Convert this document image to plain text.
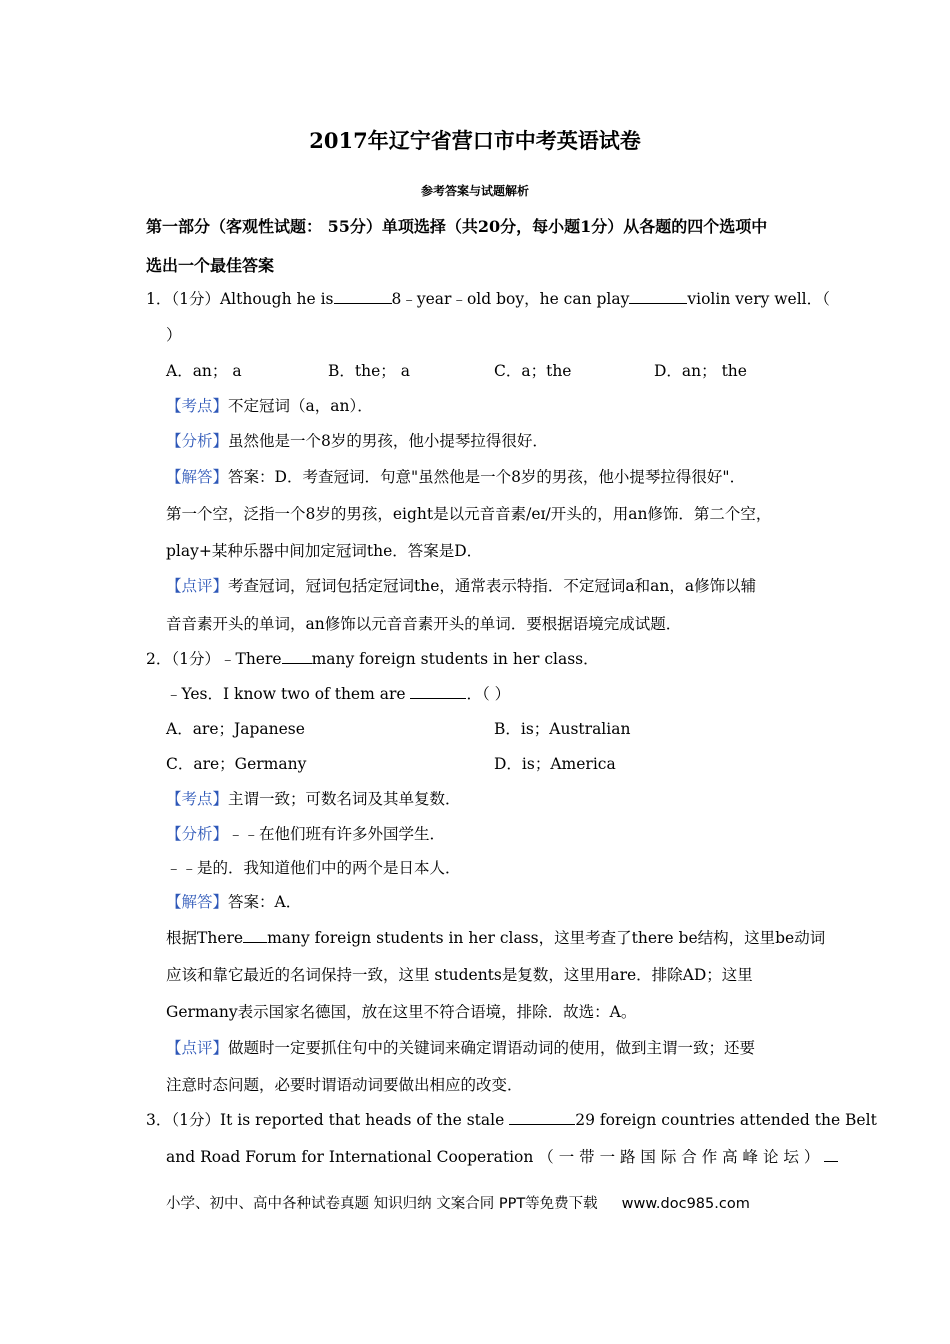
2017年辽宁省营口市中考英语试卷
参考答案与试题解析
第一部分（客观性试题： 55分）单项选择（共20分，每小题1分）从各题的四个选项中
选出一个最佳答案
1．（1分）Although he is	8﹣year﹣old boy，he can play	violin very well．（
）
A．an； a	B．the； a	C．a；the	D．an； the
【考点】不定冠词（a，an）．
【分析】虽然他是一个8岁的男孩，他小提琴拉得很好．
【解答】答案：D．考查冠词．句意"虽然他是一个8岁的男孩，他小提琴拉得很好"．
第一个空，泛指一个8岁的男孩，eight是以元音音素/eɪ/开头的，用an修饰．第二个空，
play+某种乐器中间加定冠词the．答案是D．
【点评】考查冠词，冠词包括定冠词the，通常表示特指．不定冠词a和an，a修饰以辅
音音素开头的单词，an修饰以元音音素开头的单词．要根据语境完成试题．
2．（1分）﹣There many foreign students in her class．
﹣Yes．I know two of them are	．（ ）
A．are；Japanese	B．is；Australian
C．are；Germany	D．is；America
【考点】主谓一致；可数名词及其单复数．
【分析】﹣﹣在他们班有许多外国学生．
﹣﹣是的．我知道他们中的两个是日本人．
【解答】答案：A．
根据There many foreign students in her class，这里考查了there be结构，这里be动词
应该和靠它最近的名词保持一致，这里 students是复数，这里用are．排除AD；这里
Germany表示国家名德国，放在这里不符合语境，排除．故选：A。
【点评】做题时一定要抓住句中的关键词来确定谓语动词的使用，做到主谓一致；还要
注意时态问题，必要时谓语动词要做出相应的改变．
3．（1分）It is reported that heads of the stale	29 foreign countries attended the Belt
and Road Forum for International Cooperation （ 一 带 一 路 国 际 合 作 高 峰 论 坛 ）
小学、初中、高中各种试卷真题 知识归纳 文案合同 PPT等免费下载 www.doc985.com
